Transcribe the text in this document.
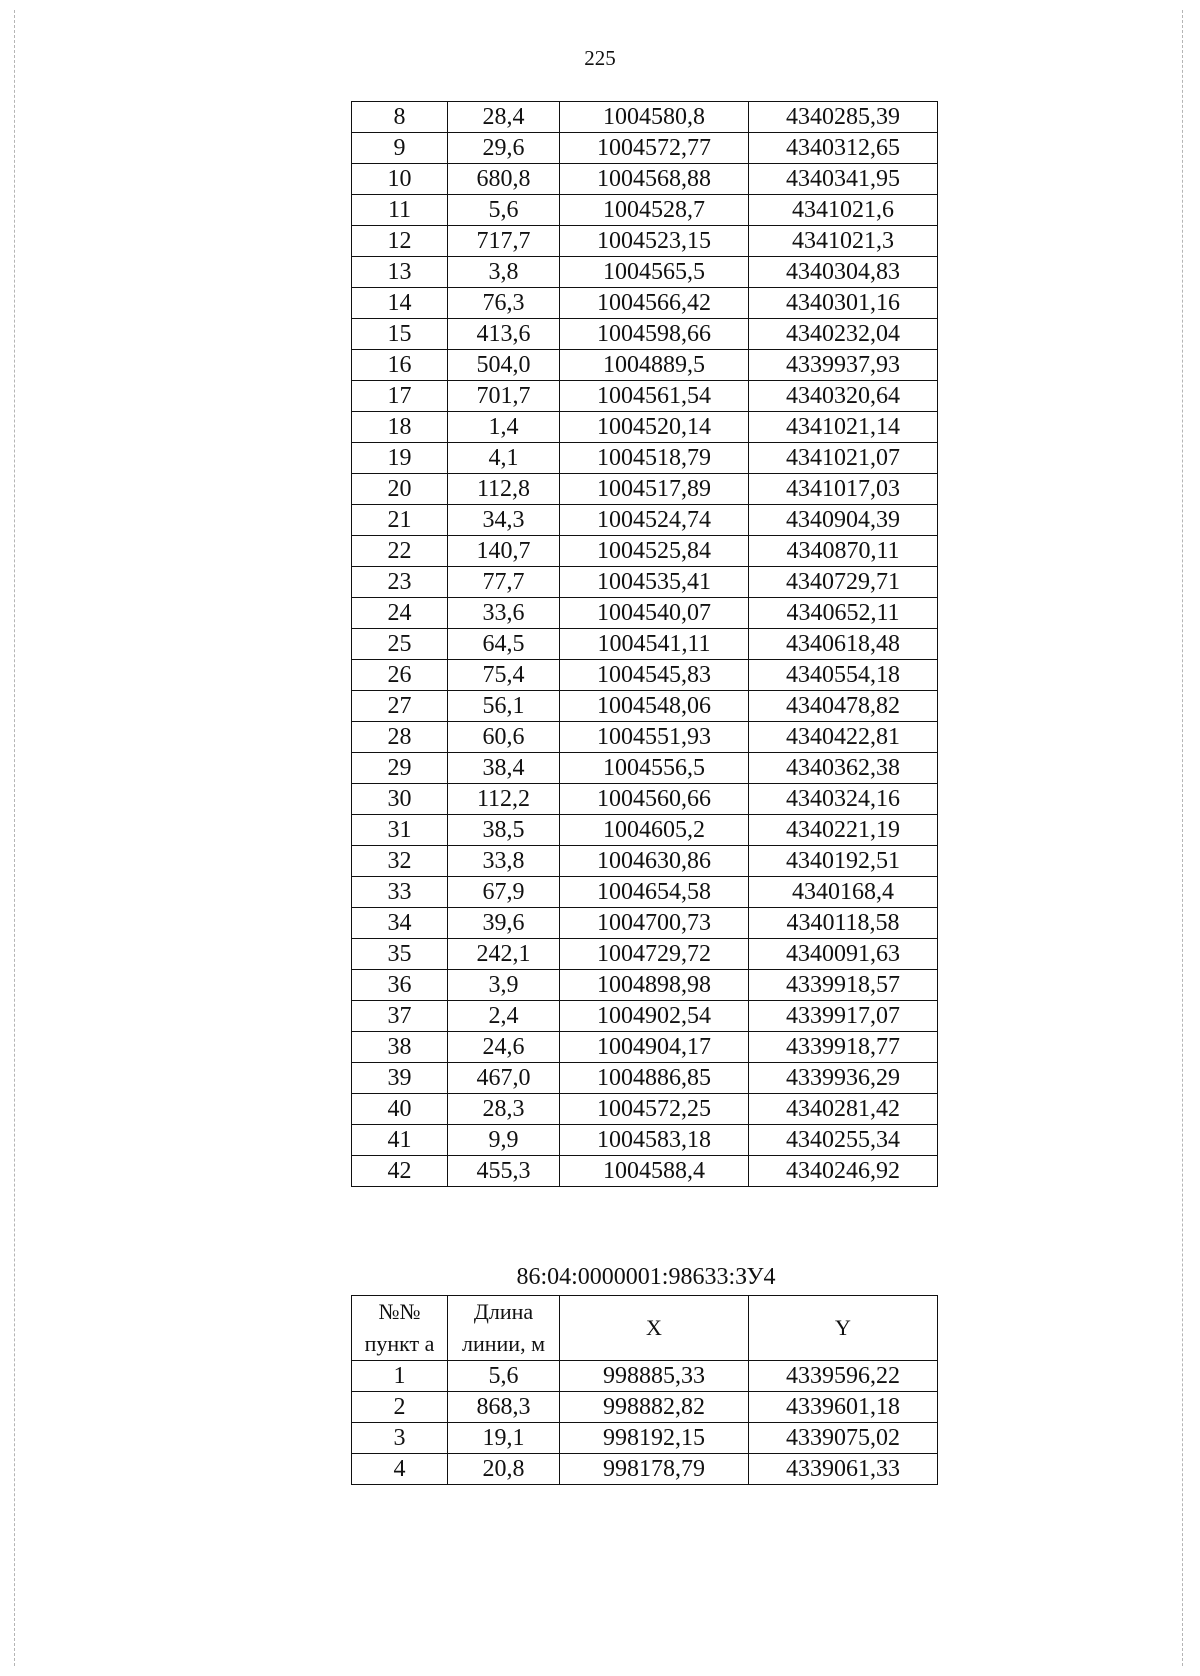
225
8	28,4	1004580,8	4340285,39
9	29,6	1004572,77	4340312,65
10	680,8	1004568,88	4340341,95
11	5,6	1004528,7	4341021,6
12	717,7	1004523,15	4341021,3
13	3,8	1004565,5	4340304,83
14	76,3	1004566,42	4340301,16
15	413,6	1004598,66	4340232,04
16	504,0	1004889,5	4339937,93
17	701,7	1004561,54	4340320,64
18	1,4	1004520,14	4341021,14
19	4,1	1004518,79	4341021,07
20	112,8	1004517,89	4341017,03
21	34,3	1004524,74	4340904,39
22	140,7	1004525,84	4340870,11
23	77,7	1004535,41	4340729,71
24	33,6	1004540,07	4340652,11
25	64,5	1004541,11	4340618,48
26	75,4	1004545,83	4340554,18
27	56,1	1004548,06	4340478,82
28	60,6	1004551,93	4340422,81
29	38,4	1004556,5	4340362,38
30	112,2	1004560,66	4340324,16
31	38,5	1004605,2	4340221,19
32	33,8	1004630,86	4340192,51
33	67,9	1004654,58	4340168,4
34	39,6	1004700,73	4340118,58
35	242,1	1004729,72	4340091,63
36	3,9	1004898,98	4339918,57
37	2,4	1004902,54	4339917,07
38	24,6	1004904,17	4339918,77
39	467,0	1004886,85	4339936,29
40	28,3	1004572,25	4340281,42
41	9,9	1004583,18	4340255,34
42	455,3	1004588,4	4340246,92
86:04:0000001:98633:ЗУ4
№№ пункт а	Длина линии, м	X	Y
1	5,6	998885,33	4339596,22
2	868,3	998882,82	4339601,18
3	19,1	998192,15	4339075,02
4	20,8	998178,79	4339061,33
